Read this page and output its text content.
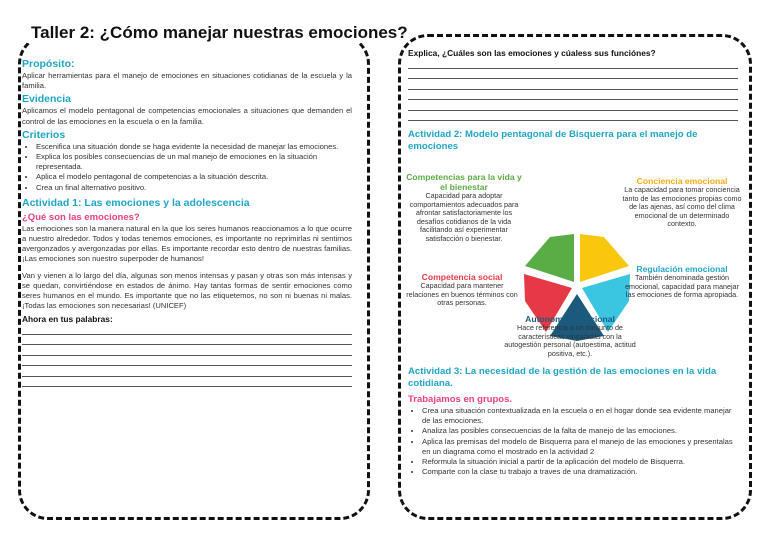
Taller 2: ¿Cómo manejar nuestras emociones?

Propósito:

Aplicar herramientas para el manejo de emociones en situaciones cotidianas de la escuela y la familia.

Evidencia

Aplicamos el modelo pentagonal de competencias emocionales a situaciones que demanden el control de las emociones en la escuela o en la familia.

Criterios

• Escenifica una situación donde se haga evidente la necesidad de manejar las emociones.
• Explica los posibles consecuencias de un mal manejo de emociones en la situación representada.
• Aplica el modelo pentagonal de competencias a la situación descrita.
• Crea un final alternativo positivo.

Actividad 1: Las emociones y la adolescencia

¿Qué son las emociones?

Las emociones son la manera natural en la que los seres humanos reaccionamos a lo que ocurre a nuestro alrededor. Todos y todas tenemos emociones, es importante no reprimirlas ni sentirnos avergonzados y avergonzadas por ellas. Es importante recordar esto dentro de nuestras familias. ¡Las emociones son nuestro superpoder de humanos!

Van y vienen a lo largo del día, algunas son menos intensas y pasan y otras son más intensas y se quedan, convirtiéndose en estados de ánimo. Hay tantas formas de sentir emociones como seres humanos en el mundo. Es importante que no las etiquetemos, no son ni buenas ni malas. ¡Todas las emociones son necesarias! (UNICEF)

Ahora en tus palabras:

Explica, ¿Cuáles son las emociones y cúaless sus funciónes?

Actividad 2: Modelo pentagonal de Bisquerra para el manejo de emociones

Competencias para la vida y el bienestar
Capacidad para adoptar comportamientos adecuados para afrontar satisfactoriamente los desafíos cotidianos de la vida facilitando así experimentar satisfacción o bienestar.
Conciencia emocional
La capacidad para tomar conciencia tanto de las emociones propias como de las ajenas, así como del clima emocional de un determinado contexto.
Competencia social
Capacidad para mantener relaciones en buenos términos con otras personas.
Regulación emocional
También denominada gestión emocional, capacidad para manejar las emociones de forma apropiada.
Autonomía emocional
Hace referencia a un conjunto de características vinculadas con la autogestión personal (autoestima, actitud positiva, etc.).

Actividad 3: La necesidad de la gestión de las emociones en la vida cotidiana.

Trabajamos en grupos.

• Crea una situación contextualizada en la escuela o en el hogar donde sea evidente manejar de las emociones.
• Analiza las posibles consecuencias de la falta de manejo de las emociones.
• Aplica las premisas del modelo de Bisquerra para el manejo de las emociones y presentalas en un diagrama como el mostrado en la actividad 2
• Reformula la situación inicial a partir de la aplicación del modelo de Bisquerra.
• Comparte con la clase tu trabajo a traves de una dramatización.
